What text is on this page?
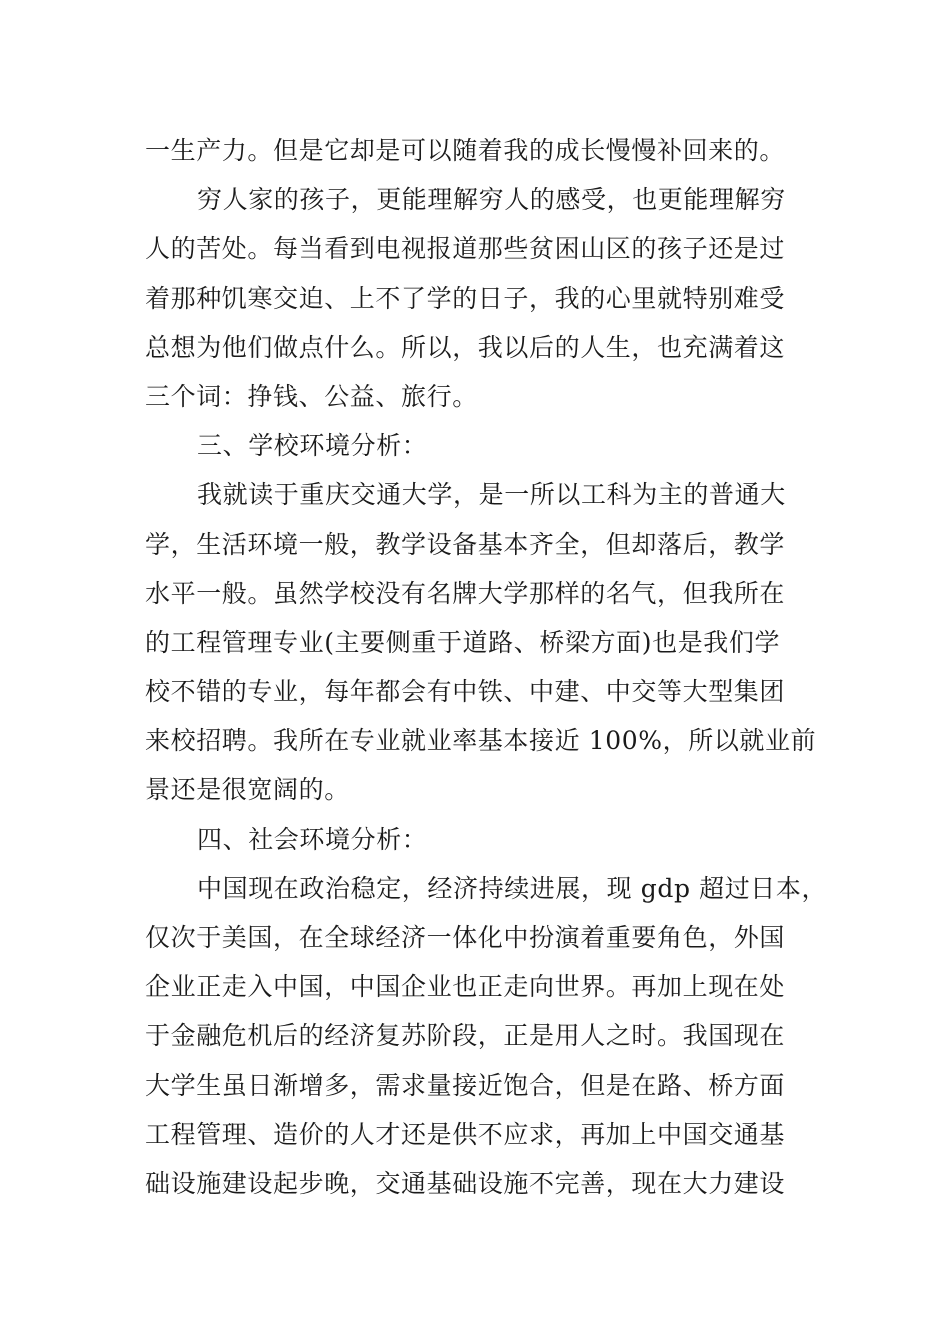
一生产力。但是它却是可以随着我的成长慢慢补回来的。
穷人家的孩子，更能理解穷人的感受，也更能理解穷
人的苦处。每当看到电视报道那些贫困山区的孩子还是过
着那种饥寒交迫、上不了学的日子，我的心里就特别难受
总想为他们做点什么。所以，我以后的人生，也充满着这
三个词：挣钱、公益、旅行。
三、学校环境分析：
我就读于重庆交通大学，是一所以工科为主的普通大
学，生活环境一般，教学设备基本齐全，但却落后，教学
水平一般。虽然学校没有名牌大学那样的名气，但我所在
的工程管理专业(主要侧重于道路、桥梁方面)也是我们学
校不错的专业，每年都会有中铁、中建、中交等大型集团
来校招聘。我所在专业就业率基本接近 100%，所以就业前
景还是很宽阔的。
四、社会环境分析：
中国现在政治稳定，经济持续进展，现 gdp 超过日本，
仅次于美国，在全球经济一体化中扮演着重要角色，外国
企业正走入中国，中国企业也正走向世界。再加上现在处
于金融危机后的经济复苏阶段，正是用人之时。我国现在
大学生虽日渐增多，需求量接近饱合，但是在路、桥方面
工程管理、造价的人才还是供不应求，再加上中国交通基
础设施建设起步晚，交通基础设施不完善，现在大力建设
